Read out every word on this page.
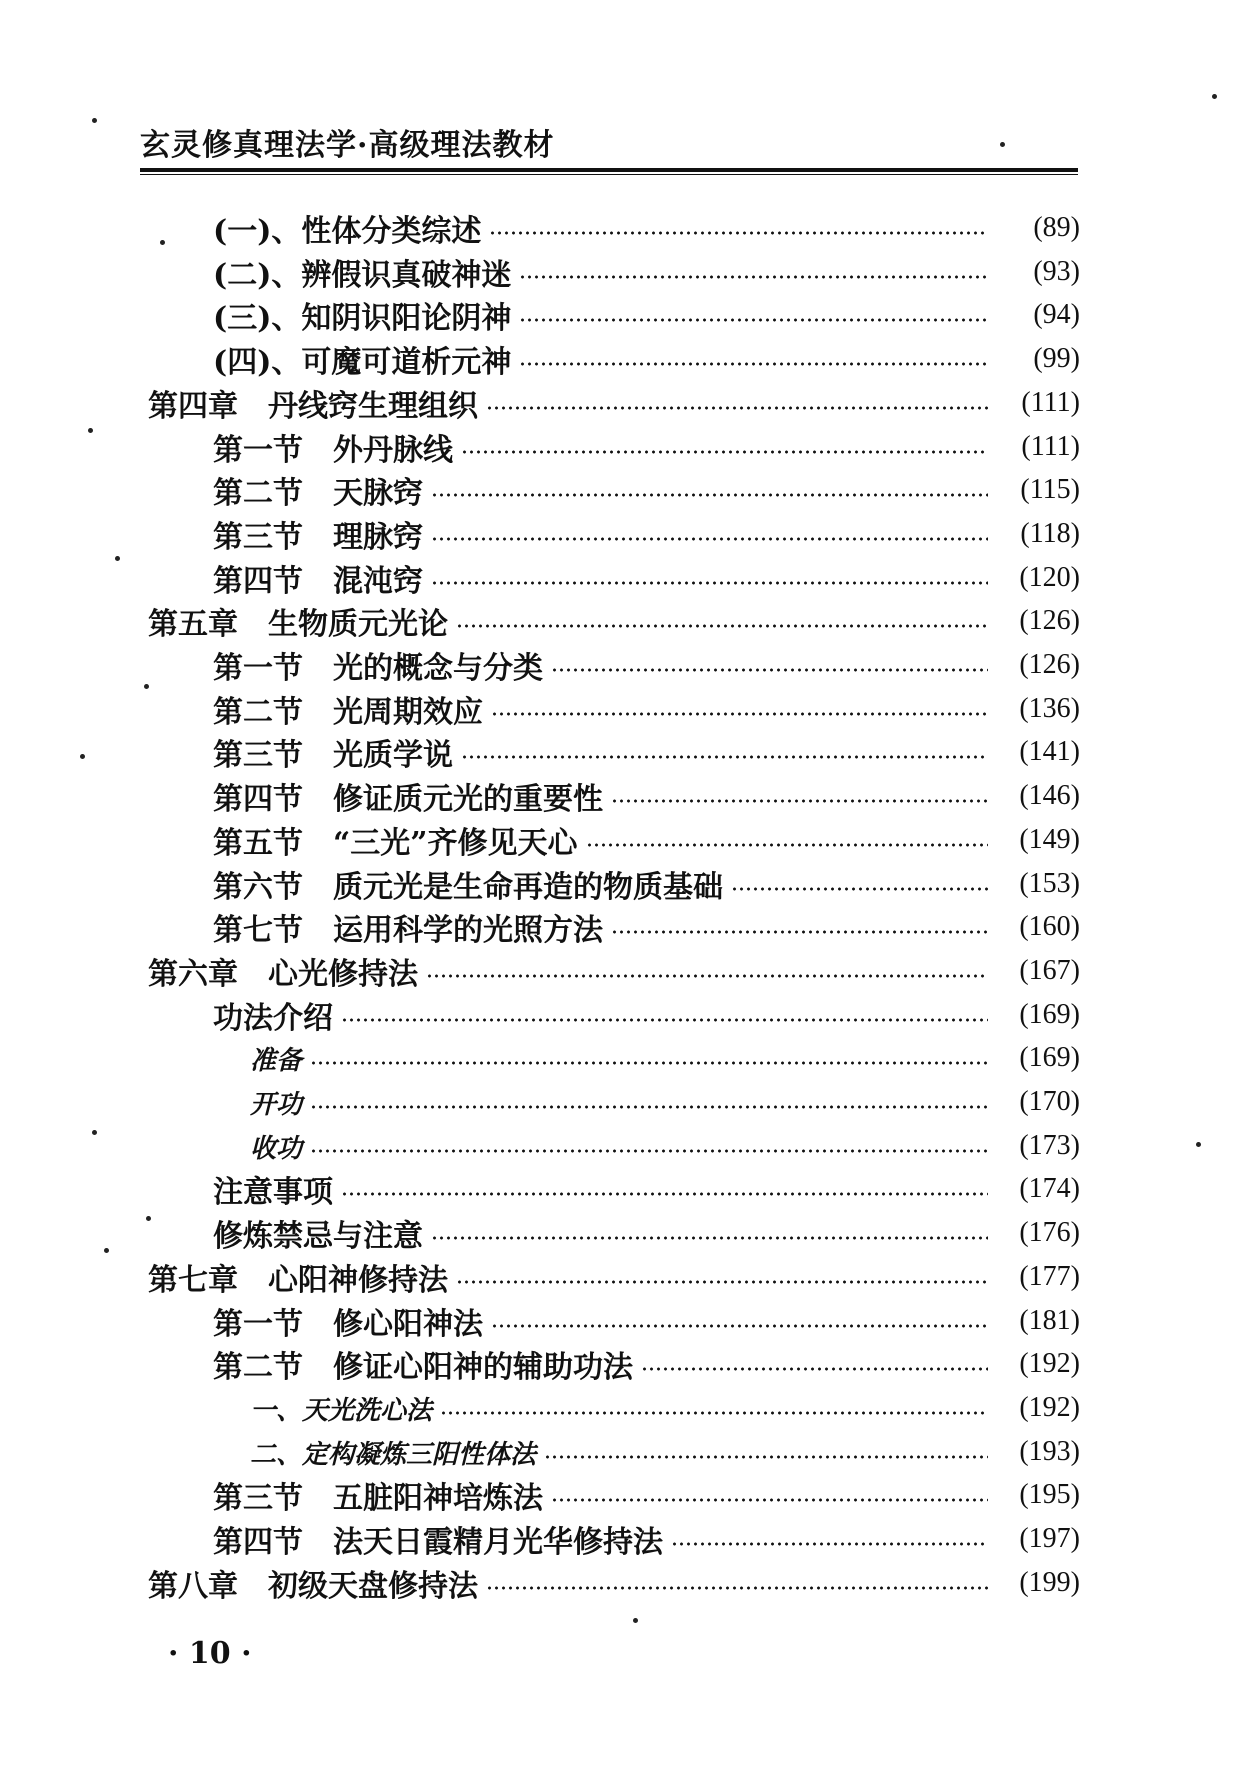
玄灵修真理法学·高级理法教材
(一)、性体分类综述	(89)
(二)、辨假识真破神迷	(93)
(三)、知阴识阳论阴神	(94)
(四)、可魔可道析元神	(99)
第四章　丹线窍生理组织	(111)
第一节　外丹脉线	(111)
第二节　天脉窍	(115)
第三节　理脉窍	(118)
第四节　混沌窍	(120)
第五章　生物质元光论	(126)
第一节　光的概念与分类	(126)
第二节　光周期效应	(136)
第三节　光质学说	(141)
第四节　修证质元光的重要性	(146)
第五节　“三光”齐修见天心	(149)
第六节　质元光是生命再造的物质基础	(153)
第七节　运用科学的光照方法	(160)
第六章　心光修持法	(167)
功法介绍	(169)
准备	(169)
开功	(170)
收功	(173)
注意事项	(174)
修炼禁忌与注意	(176)
第七章　心阳神修持法	(177)
第一节　修心阳神法	(181)
第二节　修证心阳神的辅助功法	(192)
一、天光洗心法	(192)
二、定构凝炼三阳性体法	(193)
第三节　五脏阳神培炼法	(195)
第四节　法天日霞精月光华修持法	(197)
第八章　初级天盘修持法	(199)
· 10 ·
